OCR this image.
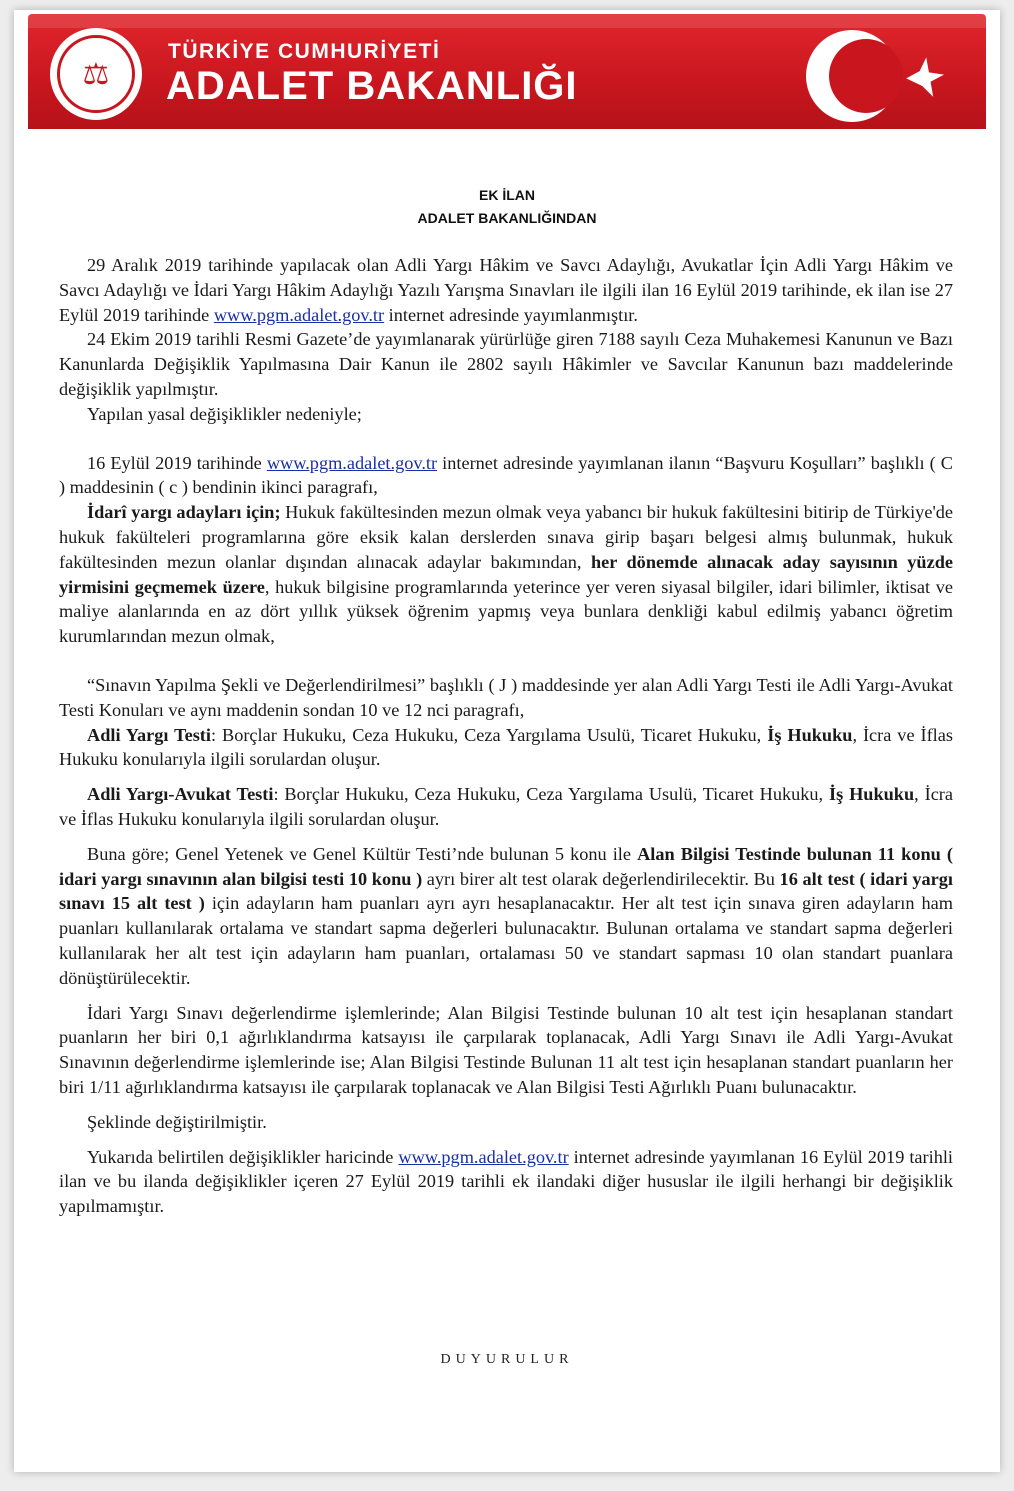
⚖
TÜRKİYE CUMHURİYETİ
ADALET BAKANLIĞI
EK İLAN
ADALET BAKANLIĞINDAN

29 Aralık 2019 tarihinde yapılacak olan Adli Yargı Hâkim ve Savcı Adaylığı, Avukatlar İçin Adli Yargı Hâkim ve Savcı Adaylığı ve İdari Yargı Hâkim Adaylığı Yazılı Yarışma Sınavları ile ilgili ilan 16 Eylül 2019 tarihinde, ek ilan ise 27 Eylül 2019 tarihinde www.pgm.adalet.gov.tr internet adresinde yayımlanmıştır.

24 Ekim 2019 tarihli Resmi Gazete’de yayımlanarak yürürlüğe giren 7188 sayılı Ceza Muhakemesi Kanunun ve Bazı Kanunlarda Değişiklik Yapılmasına Dair Kanun ile 2802 sayılı Hâkimler ve Savcılar Kanunun bazı maddelerinde değişiklik yapılmıştır.

Yapılan yasal değişiklikler nedeniyle;

16 Eylül 2019 tarihinde www.pgm.adalet.gov.tr internet adresinde yayımlanan ilanın “Başvuru Koşulları” başlıklı ( C ) maddesinin ( c ) bendinin ikinci paragrafı,

İdarî yargı adayları için; Hukuk fakültesinden mezun olmak veya yabancı bir hukuk fakültesini bitirip de Türkiye'de hukuk fakülteleri programlarına göre eksik kalan derslerden sınava girip başarı belgesi almış bulunmak, hukuk fakültesinden mezun olanlar dışından alınacak adaylar bakımından, her dönemde alınacak aday sayısının yüzde yirmisini geçmemek üzere, hukuk bilgisine programlarında yeterince yer veren siyasal bilgiler, idari bilimler, iktisat ve maliye alanlarında en az dört yıllık yüksek öğrenim yapmış veya bunlara denkliği kabul edilmiş yabancı öğretim kurumlarından mezun olmak,

“Sınavın Yapılma Şekli ve Değerlendirilmesi” başlıklı ( J ) maddesinde yer alan Adli Yargı Testi ile Adli Yargı-Avukat Testi Konuları ve aynı maddenin sondan 10 ve 12 nci paragrafı,

Adli Yargı Testi: Borçlar Hukuku, Ceza Hukuku, Ceza Yargılama Usulü, Ticaret Hukuku, İş Hukuku, İcra ve İflas Hukuku konularıyla ilgili sorulardan oluşur.

Adli Yargı-Avukat Testi: Borçlar Hukuku, Ceza Hukuku, Ceza Yargılama Usulü, Ticaret Hukuku, İş Hukuku, İcra ve İflas Hukuku konularıyla ilgili sorulardan oluşur.

Buna göre; Genel Yetenek ve Genel Kültür Testi’nde bulunan 5 konu ile Alan Bilgisi Testinde bulunan 11 konu ( idari yargı sınavının alan bilgisi testi 10 konu ) ayrı birer alt test olarak değerlendirilecektir. Bu 16 alt test ( idari yargı sınavı 15 alt test ) için adayların ham puanları ayrı ayrı hesaplanacaktır. Her alt test için sınava giren adayların ham puanları kullanılarak ortalama ve standart sapma değerleri bulunacaktır. Bulunan ortalama ve standart sapma değerleri kullanılarak her alt test için adayların ham puanları, ortalaması 50 ve standart sapması 10 olan standart puanlara dönüştürülecektir.

İdari Yargı Sınavı değerlendirme işlemlerinde; Alan Bilgisi Testinde bulunan 10 alt test için hesaplanan standart puanların her biri 0,1 ağırlıklandırma katsayısı ile çarpılarak toplanacak, Adli Yargı Sınavı ile Adli Yargı-Avukat Sınavının değerlendirme işlemlerinde ise; Alan Bilgisi Testinde Bulunan 11 alt test için hesaplanan standart puanların her biri 1/11 ağırlıklandırma katsayısı ile çarpılarak toplanacak ve Alan Bilgisi Testi Ağırlıklı Puanı bulunacaktır.

Şeklinde değiştirilmiştir.

Yukarıda belirtilen değişiklikler haricinde www.pgm.adalet.gov.tr internet adresinde yayımlanan 16 Eylül 2019 tarihli ilan ve bu ilanda değişiklikler içeren 27 Eylül 2019 tarihli ek ilandaki diğer hususlar ile ilgili herhangi bir değişiklik yapılmamıştır.

DUYURULUR
